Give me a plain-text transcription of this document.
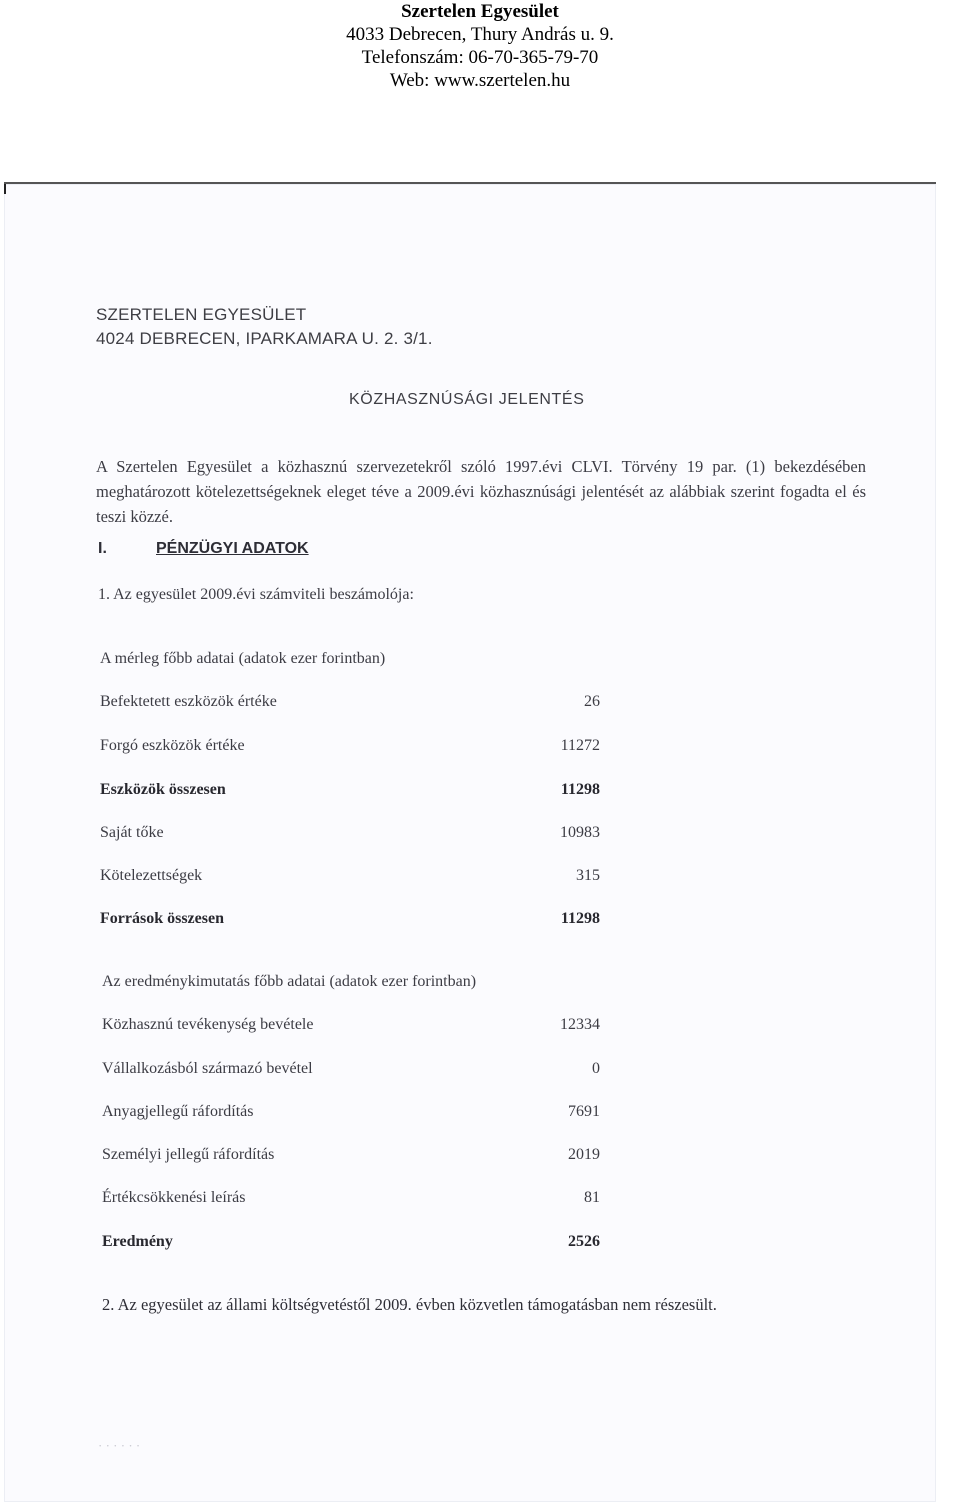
Szertelen Egyesület
4033 Debrecen, Thury András u. 9.
Telefonszám: 06-70-365-79-70
Web: www.szertelen.hu
SZERTELEN EGYESÜLET
4024 DEBRECEN, IPARKAMARA U. 2. 3/1.
KÖZHASZNÚSÁGI JELENTÉS
A Szertelen Egyesület a közhasznú szervezetekről szóló 1997.évi CLVI. Törvény 19 par. (1) bekezdésében meghatározott kötelezettségeknek eleget téve a 2009.évi közhasznúsági jelentését az alábbiak szerint fogadta el és teszi közzé.
I.	PÉNZÜGYI ADATOK
1. Az egyesület 2009.évi számviteli beszámolója:
A mérleg főbb adatai (adatok ezer forintban)
Befektetett eszközök értéke	26
Forgó eszközök értéke	11272
Eszközök összesen	11298
Saját tőke	10983
Kötelezettségek	315
Források összesen	11298
Az eredménykimutatás főbb adatai (adatok ezer forintban)
Közhasznú tevékenység bevétele	12334
Vállalkozásból származó bevétel	0
Anyagjellegű ráfordítás	7691
Személyi jellegű ráfordítás	2019
Értékcsökkenési leírás	81
Eredmény	2526
2. Az egyesület az állami költségvetéstől 2009. évben közvetlen támogatásban nem részesült.
· · · · · ·
